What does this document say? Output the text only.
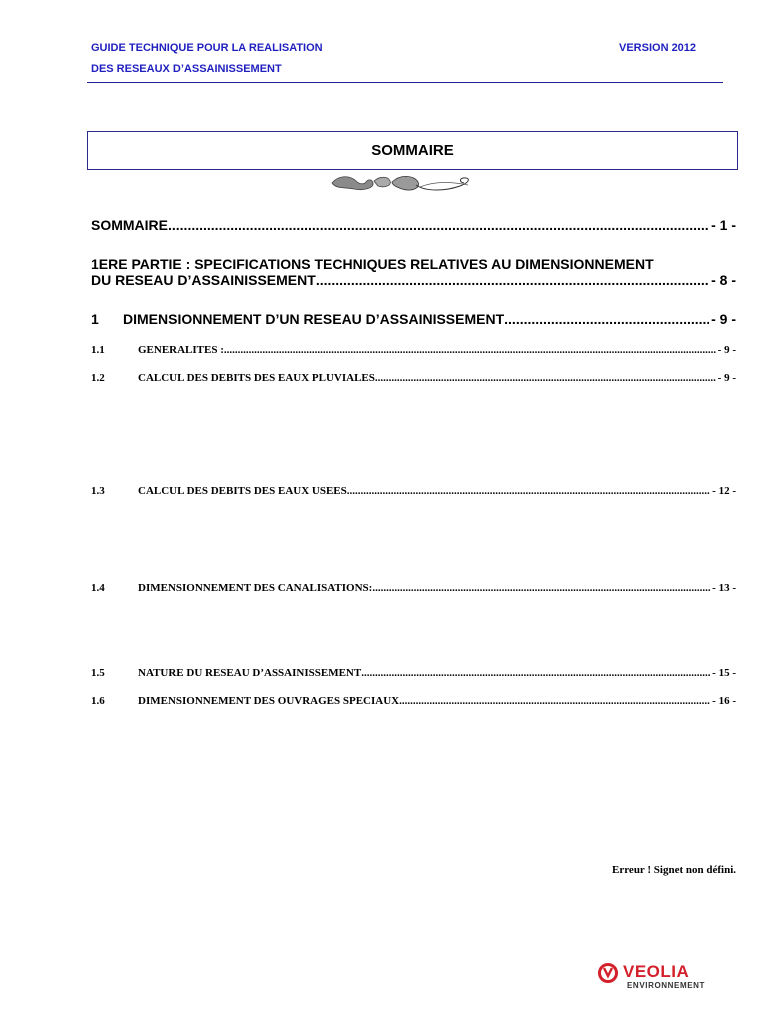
GUIDE TECHNIQUE POUR LA REALISATION
DES RESEAUX D’ASSAINISSEMENT
VERSION 2012
SOMMAIRE
SOMMAIRE .....	- 1 -
1ERE PARTIE : SPECIFICATIONS TECHNIQUES RELATIVES AU DIMENSIONNEMENT
DU RESEAU D’ASSAINISSEMENT .....	- 8 -
1	DIMENSIONNEMENT D’UN RESEAU D’ASSAINISSEMENT .....	- 9 -
1.1	GENERALITES : .....	- 9 -
1.2	CALCUL DES DEBITS DES EAUX PLUVIALES .....	- 9 -
1.3	CALCUL DES DEBITS DES EAUX USEES .....	- 12 -
1.4	DIMENSIONNEMENT DES CANALISATIONS: .....	- 13 -
1.5	NATURE DU RESEAU D’ASSAINISSEMENT .....	- 15 -
1.6	DIMENSIONNEMENT DES OUVRAGES SPECIAUX .....	- 16 -
Erreur ! Signet non défini.
VEOLIA
ENVIRONNEMENT
